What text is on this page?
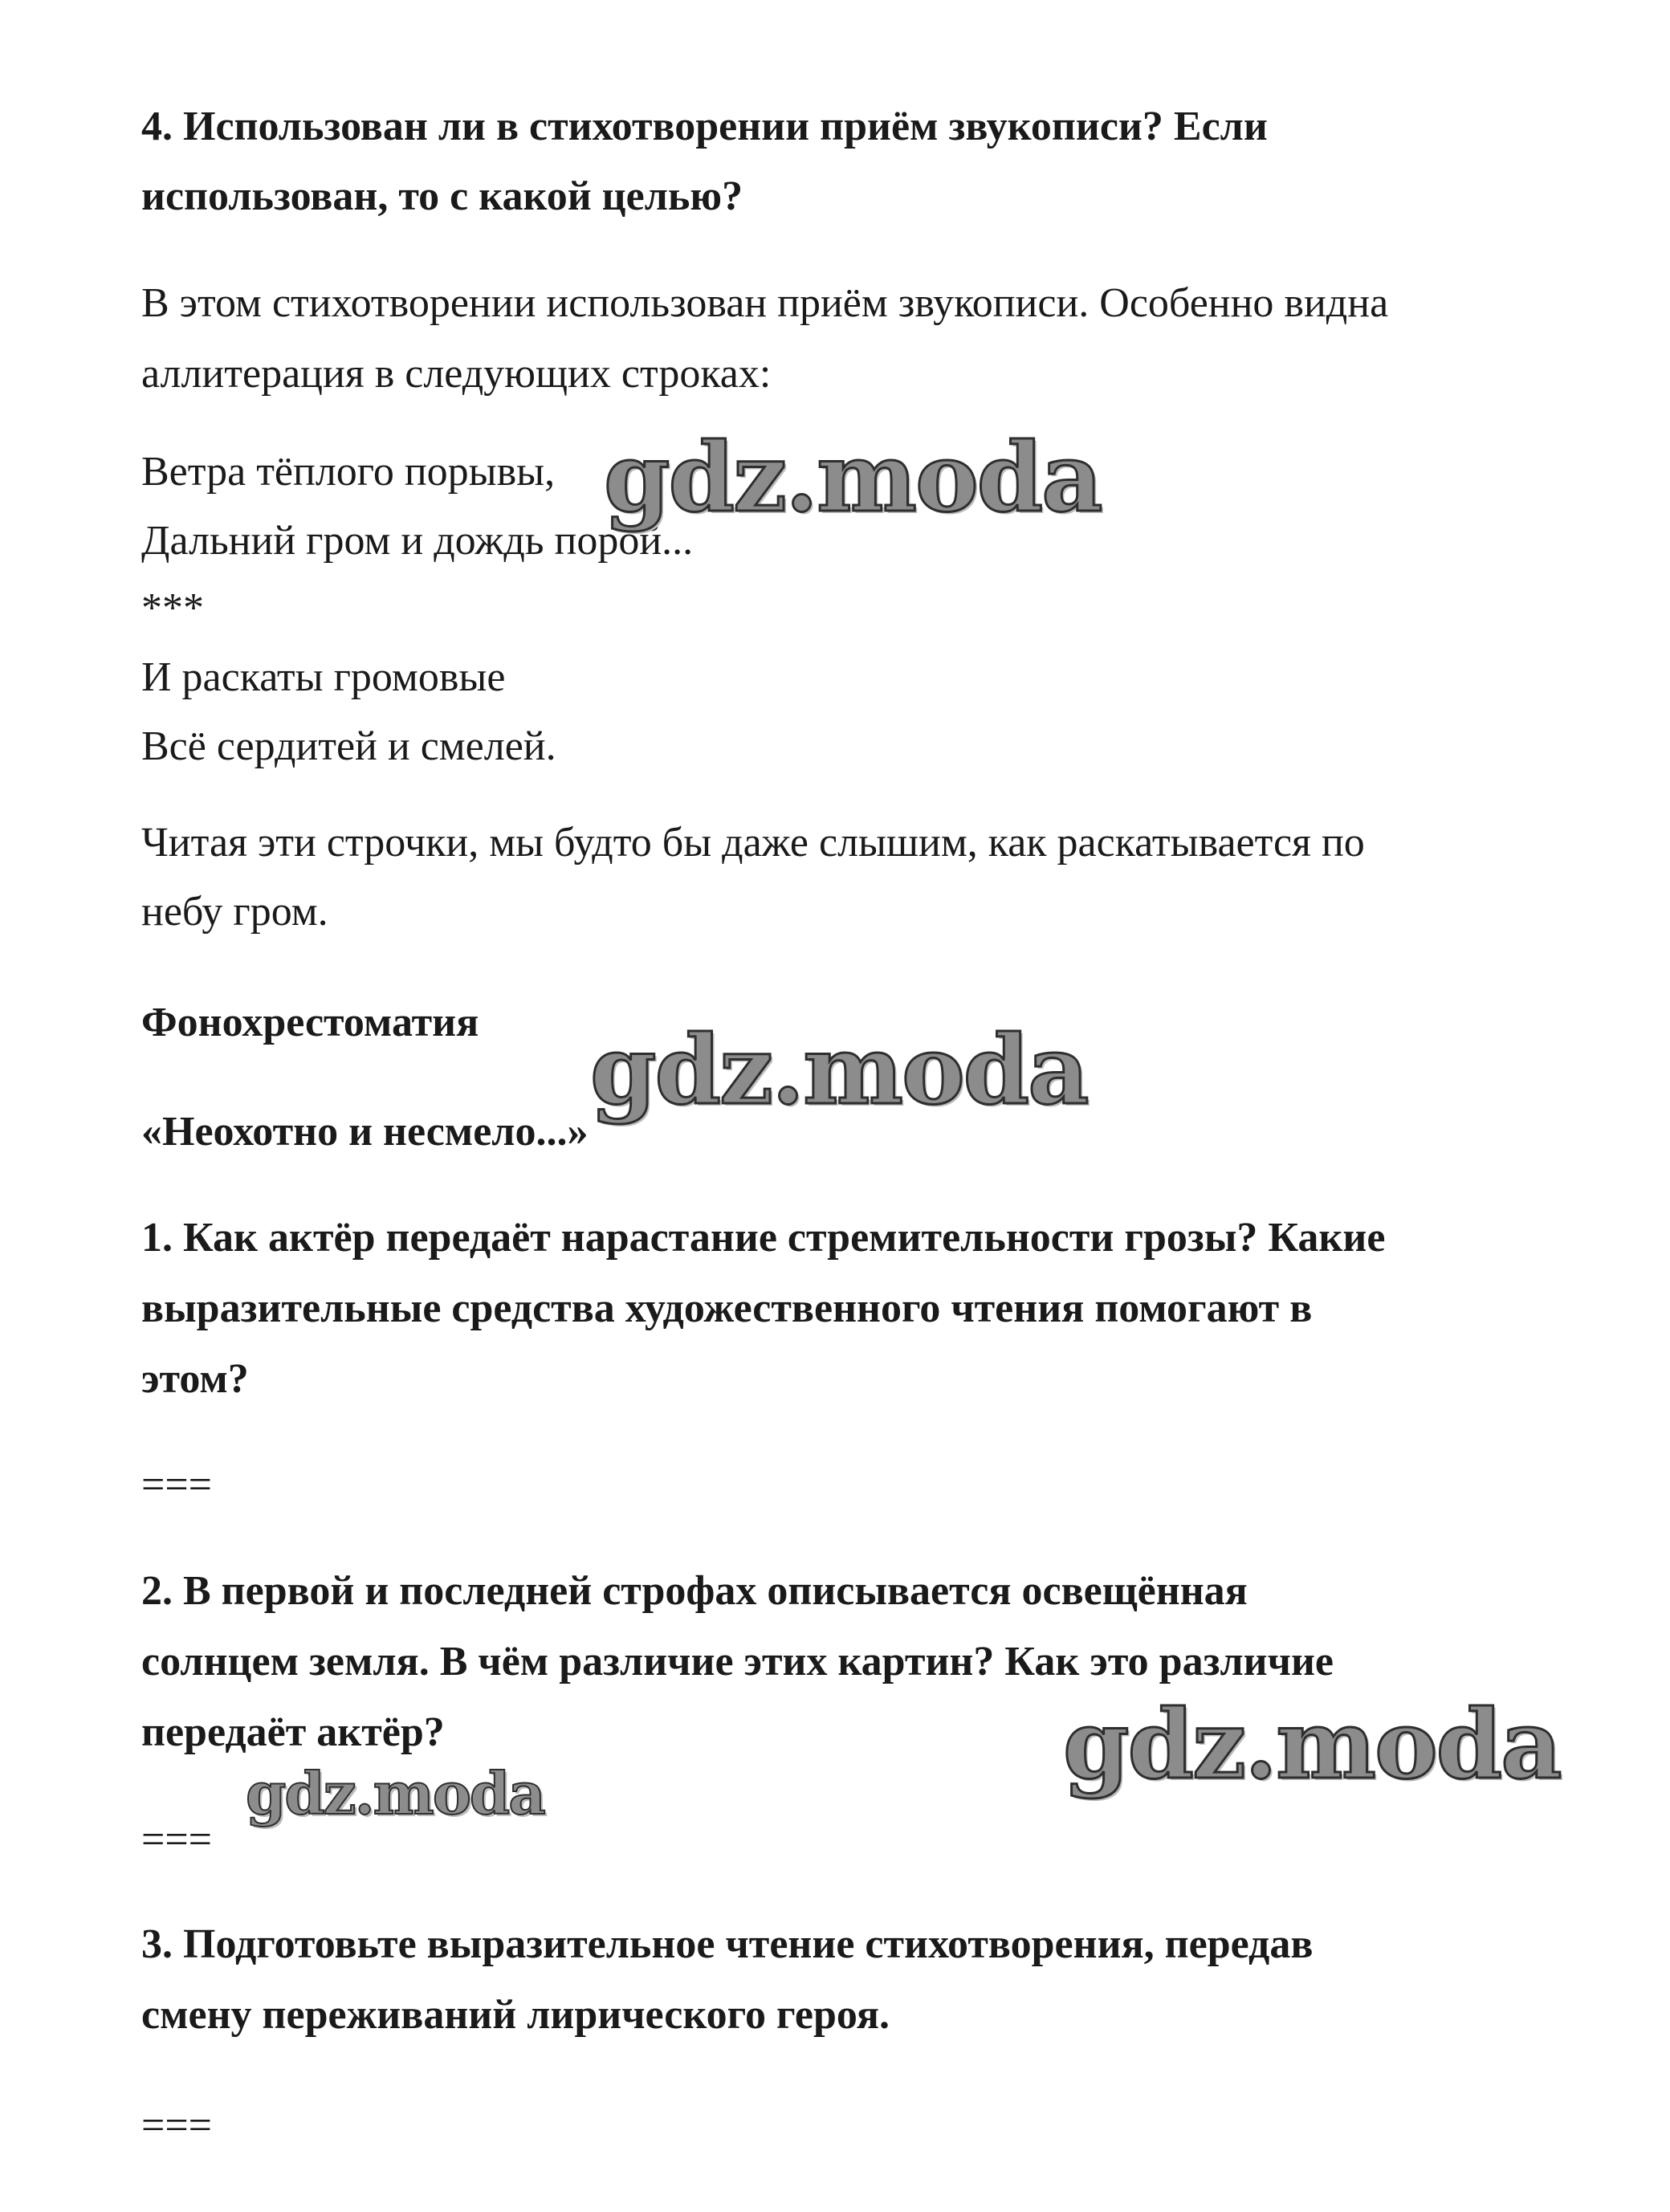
4. Использован ли в стихотворении приём звукописи? Если

использован, то с какой целью?

В этом стихотворении использован приём звукописи. Особенно видна

аллитерация в следующих строках:

Ветра тёплого порывы,

Дальний гром и дождь порой...

***

И раскаты громовые

Всё сердитей и смелей.

Читая эти строчки, мы будто бы даже слышим, как раскатывается по

небу гром.

Фонохрестоматия

«Неохотно и несмело...»

1. Как актёр передаёт нарастание стремительности грозы? Какие

выразительные средства художественного чтения помогают в

этом?

===

2. В первой и последней строфах описывается освещённая

солнцем земля. В чём различие этих картин? Как это различие

передаёт актёр?

===

3. Подготовьте выразительное чтение стихотворения, передав

смену переживаний лирического героя.

===

gdz.moda
gdz.moda
gdz.moda
gdz.moda
